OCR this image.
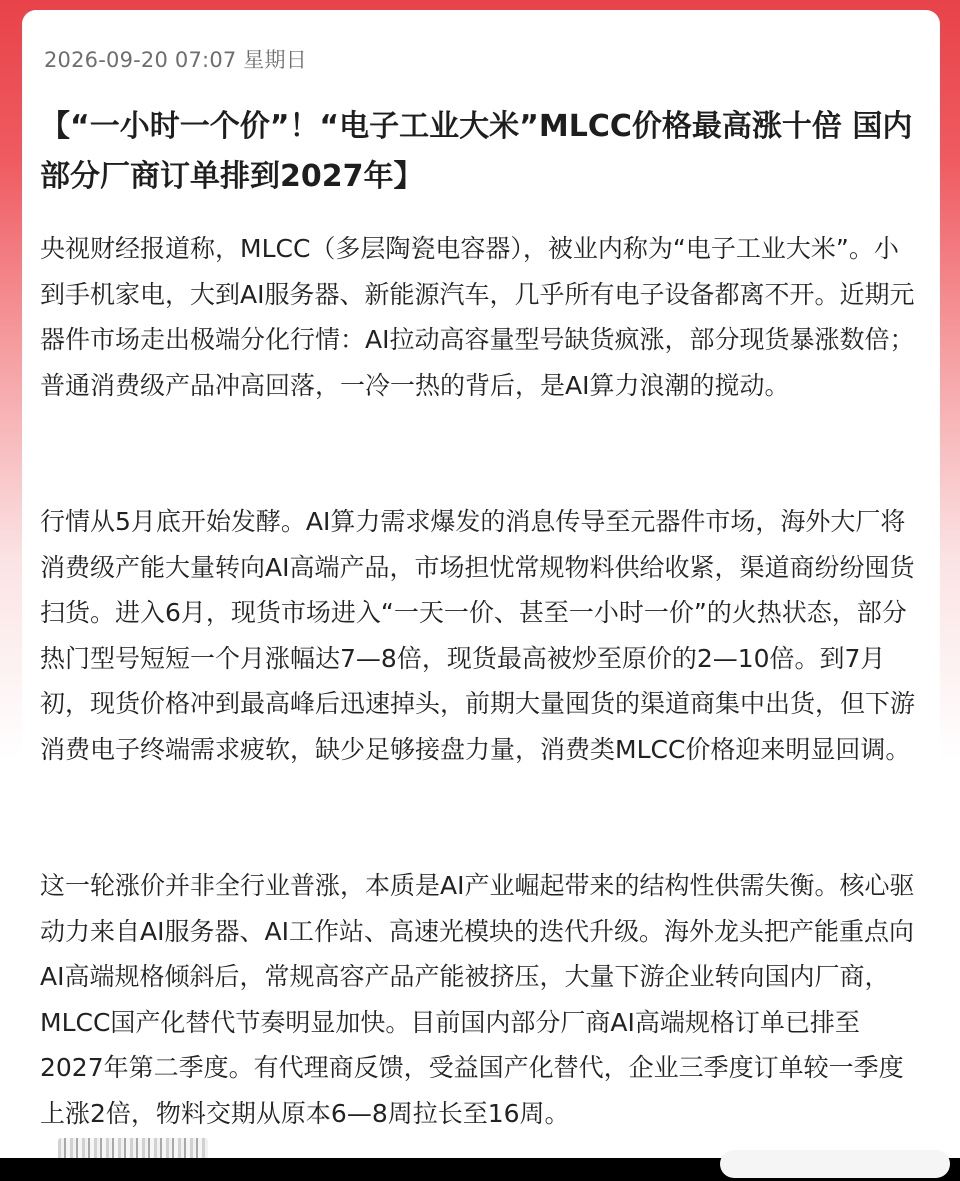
2026-09-20 07:07 星期日
【“一小时一个价”！“电子工业大米”MLCC价格最高涨十倍 国内部分厂商订单排到2027年】

央视财经报道称，MLCC（多层陶瓷电容器），被业内称为“电子工业大米”。小到手机家电，大到AI服务器、新能源汽车，几乎所有电子设备都离不开。近期元器件市场走出极端分化行情：AI拉动高容量型号缺货疯涨，部分现货暴涨数倍；普通消费级产品冲高回落，一冷一热的背后，是AI算力浪潮的搅动。

行情从5月底开始发酵。AI算力需求爆发的消息传导至元器件市场，海外大厂将消费级产能大量转向AI高端产品，市场担忧常规物料供给收紧，渠道商纷纷囤货扫货。进入6月，现货市场进入“一天一价、甚至一小时一价”的火热状态，部分热门型号短短一个月涨幅达7—8倍，现货最高被炒至原价的2—10倍。到7月初，现货价格冲到最高峰后迅速掉头，前期大量囤货的渠道商集中出货，但下游消费电子终端需求疲软，缺少足够接盘力量，消费类MLCC价格迎来明显回调。

这一轮涨价并非全行业普涨，本质是AI产业崛起带来的结构性供需失衡。核心驱动力来自AI服务器、AI工作站、高速光模块的迭代升级。海外龙头把产能重点向AI高端规格倾斜后，常规高容产品产能被挤压，大量下游企业转向国内厂商，MLCC国产化替代节奏明显加快。目前国内部分厂商AI高端规格订单已排至2027年第二季度。有代理商反馈，受益国产化替代，企业三季度订单较一季度上涨2倍，物料交期从原本6—8周拉长至16周。
